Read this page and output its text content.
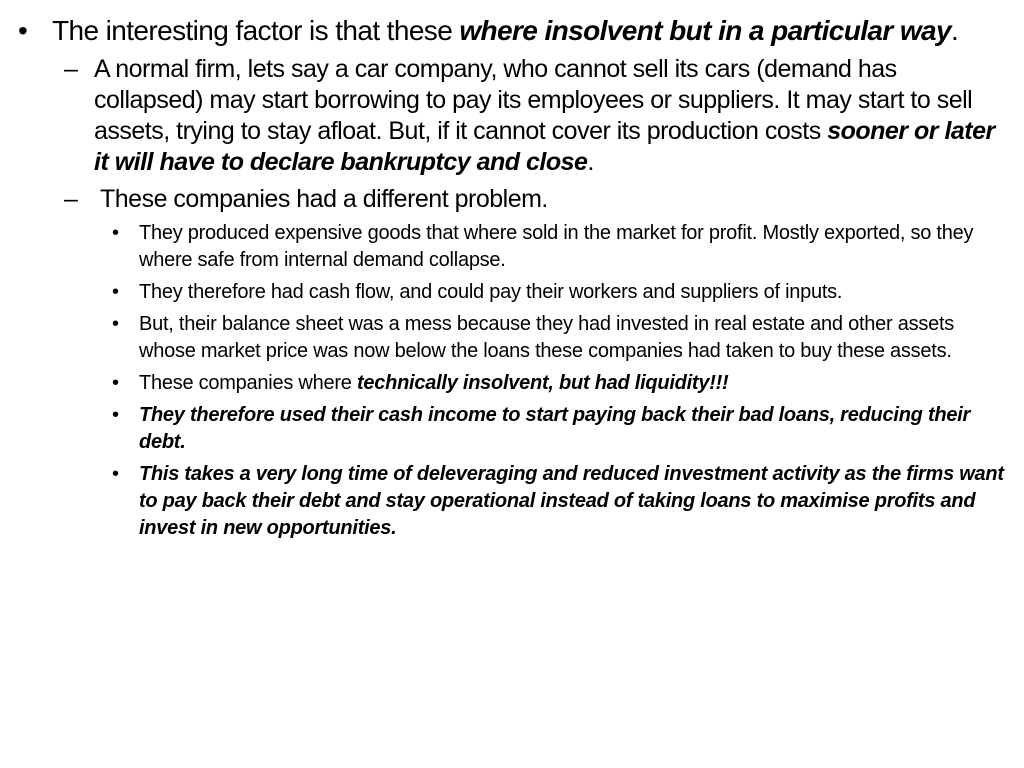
• The interesting factor is that these where insolvent but in a particular way.
– A normal firm, lets say a car company, who cannot sell its cars (demand has collapsed) may start borrowing to pay its employees or suppliers. It may start to sell assets, trying to stay afloat. But, if it cannot cover its production costs sooner or later it will have to declare bankruptcy and close.
– These companies had a different problem.
•	They produced expensive goods that where sold in the market for profit. Mostly exported, so they where safe from internal demand collapse.
•	They therefore had cash flow, and could pay their workers and suppliers of inputs.
•	But, their balance sheet was a mess because they had invested in real estate and other assets whose market price was now below the loans these companies had taken to buy these assets.
•	These companies where technically insolvent, but had liquidity!!!
•	They therefore used their cash income to start paying back their bad loans, reducing their debt.
•	This takes a very long time of deleveraging and reduced investment activity as the firms want to pay back their debt and stay operational instead of taking loans to maximise profits and invest in new opportunities.
